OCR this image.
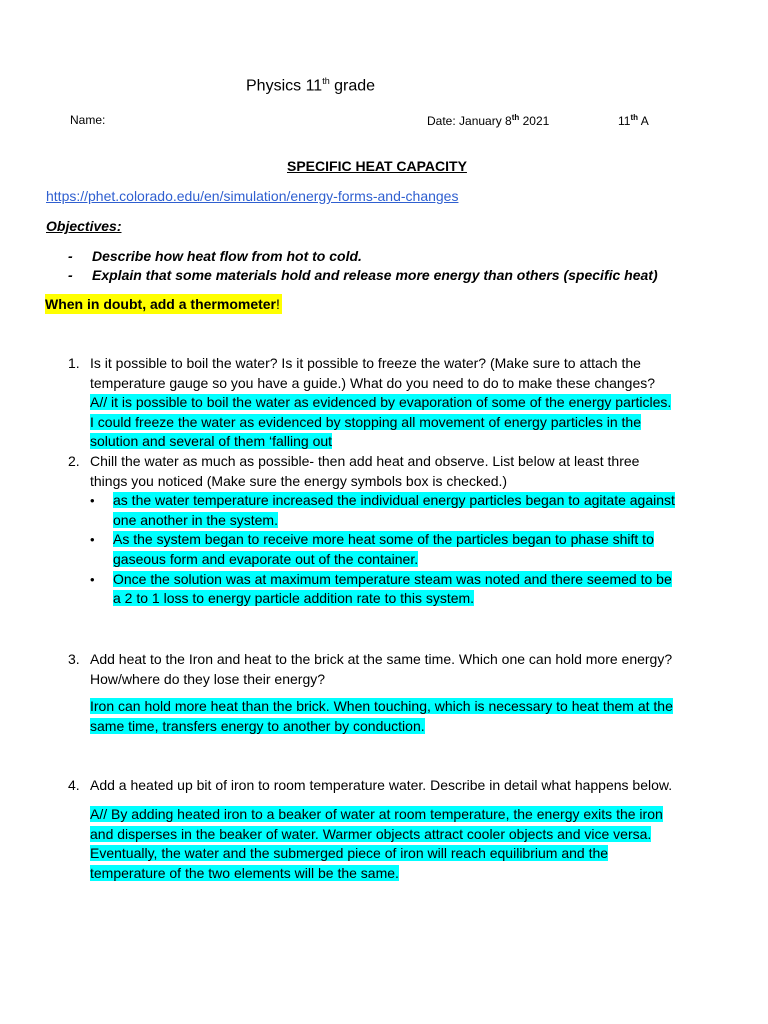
Physics 11th grade
Name:	Date: January 8th 2021	11th A
SPECIFIC HEAT CAPACITY
https://phet.colorado.edu/en/simulation/energy-forms-and-changes
Objectives:
- Describe how heat flow from hot to cold.
- Explain that some materials hold and release more energy than others (specific heat)
When in doubt, add a thermometer!
1. Is it possible to boil the water? Is it possible to freeze the water? (Make sure to attach the
temperature gauge so you have a guide.) What do you need to do to make these changes?
A// it is possible to boil the water as evidenced by evaporation of some of the energy particles.
I could freeze the water as evidenced by stopping all movement of energy particles in the
solution and several of them ‘falling out
2. Chill the water as much as possible- then add heat and observe. List below at least three
things you noticed (Make sure the energy symbols box is checked.)
• as the water temperature increased the individual energy particles began to agitate against
one another in the system.
• As the system began to receive more heat some of the particles began to phase shift to
gaseous form and evaporate out of the container.
• Once the solution was at maximum temperature steam was noted and there seemed to be
a 2 to 1 loss to energy particle addition rate to this system.
3. Add heat to the Iron and heat to the brick at the same time. Which one can hold more energy?
How/where do they lose their energy?
Iron can hold more heat than the brick. When touching, which is necessary to heat them at the
same time, transfers energy to another by conduction.
4. Add a heated up bit of iron to room temperature water. Describe in detail what happens below.
A// By adding heated iron to a beaker of water at room temperature, the energy exits the iron
and disperses in the beaker of water. Warmer objects attract cooler objects and vice versa.
Eventually, the water and the submerged piece of iron will reach equilibrium and the
temperature of the two elements will be the same.
